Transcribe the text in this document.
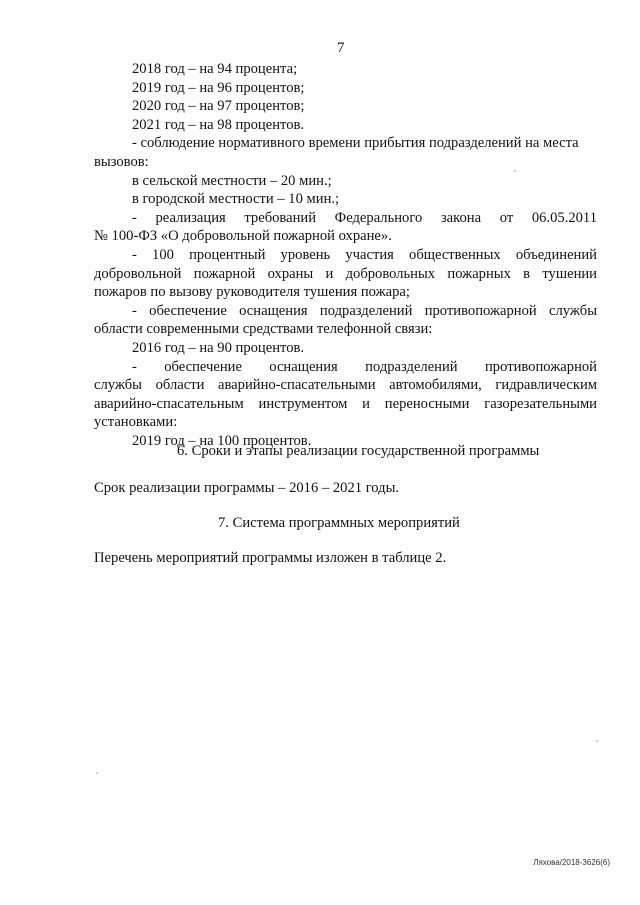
7
2018 год – на 94 процента;
2019 год – на 96 процентов;
2020 год – на 97 процентов;
2021 год – на 98 процентов.
- соблюдение нормативного времени прибытия подразделений на места
вызовов:
в сельской местности – 20 мин.;
в городской местности – 10 мин.;
- реализация требований Федерального закона от 06.05.2011
№ 100-ФЗ «О добровольной пожарной охране».
- 100 процентный уровень участия общественных объединений
добровольной пожарной охраны и добровольных пожарных в тушении
пожаров по вызову руководителя тушения пожара;
- обеспечение оснащения подразделений противопожарной службы
области современными средствами телефонной связи:
2016 год – на 90 процентов.
- обеспечение оснащения подразделений противопожарной
службы области аварийно-спасательными автомобилями, гидравлическим
аварийно-спасательным инструментом и переносными газорезательными
установками:
2019 год – на 100 процентов.
6. Сроки и этапы реализации государственной программы
Срок реализации программы – 2016 – 2021 годы.
7. Система программных мероприятий
Перечень мероприятий программы изложен в таблице 2.
Ляхова/2018-3626(6)
